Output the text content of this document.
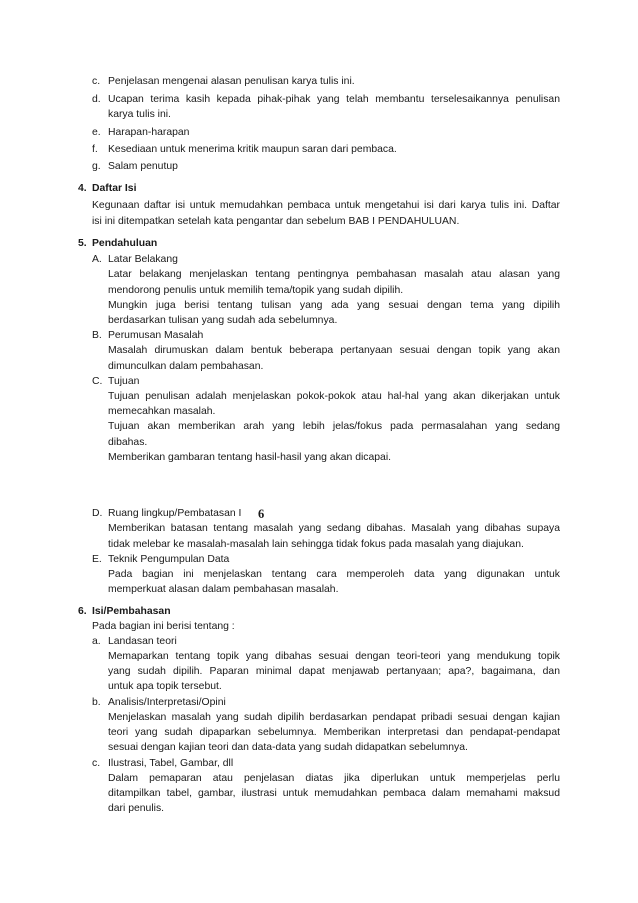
c. Penjelasan mengenai alasan penulisan karya tulis ini.
d. Ucapan terima kasih kepada pihak-pihak yang telah membantu terselesaikannya penulisan
karya tulis ini.
e. Harapan-harapan
f. Kesediaan untuk menerima kritik maupun saran dari pembaca.
g. Salam penutup
4. Daftar Isi
Kegunaan daftar isi untuk memudahkan pembaca untuk mengetahui isi dari karya tulis ini. Daftar
isi ini ditempatkan setelah kata pengantar dan sebelum BAB I PENDAHULUAN.
5. Pendahuluan
A. Latar Belakang
Latar belakang menjelaskan tentang pentingnya pembahasan masalah atau alasan yang
mendorong penulis untuk memilih tema/topik yang sudah dipilih.
Mungkin juga berisi tentang tulisan yang ada yang sesuai dengan tema yang dipilih
berdasarkan tulisan yang sudah ada sebelumnya.
B. Perumusan Masalah
Masalah dirumuskan dalam bentuk beberapa pertanyaan sesuai dengan topik yang akan
dimunculkan dalam pembahasan.
C. Tujuan
Tujuan penulisan adalah menjelaskan pokok-pokok atau hal-hal yang akan dikerjakan untuk
memecahkan masalah.
Tujuan akan memberikan arah yang lebih jelas/fokus pada permasalahan yang sedang
dibahas.
Memberikan gambaran tentang hasil-hasil yang akan dicapai.
D. Ruang lingkup/Pembatasan I 6
Memberikan batasan tentang masalah yang sedang dibahas. Masalah yang dibahas supaya
tidak melebar ke masalah-masalah lain sehingga tidak fokus pada masalah yang diajukan.
E. Teknik Pengumpulan Data
Pada bagian ini menjelaskan tentang cara memperoleh data yang digunakan untuk
memperkuat alasan dalam pembahasan masalah.
6. Isi/Pembahasan
Pada bagian ini berisi tentang :
a. Landasan teori
Memaparkan tentang topik yang dibahas sesuai dengan teori-teori yang mendukung topik
yang sudah dipilih. Paparan minimal dapat menjawab pertanyaan; apa?, bagaimana, dan
untuk apa topik tersebut.
b. Analisis/Interpretasi/Opini
Menjelaskan masalah yang sudah dipilih berdasarkan pendapat pribadi sesuai dengan kajian
teori yang sudah dipaparkan sebelumnya. Memberikan interpretasi dan pendapat-pendapat
sesuai dengan kajian teori dan data-data yang sudah didapatkan sebelumnya.
c. Ilustrasi, Tabel, Gambar, dll
Dalam pemaparan atau penjelasan diatas jika diperlukan untuk memperjelas perlu
ditampilkan tabel, gambar, ilustrasi untuk memudahkan pembaca dalam memahami maksud
dari penulis.
